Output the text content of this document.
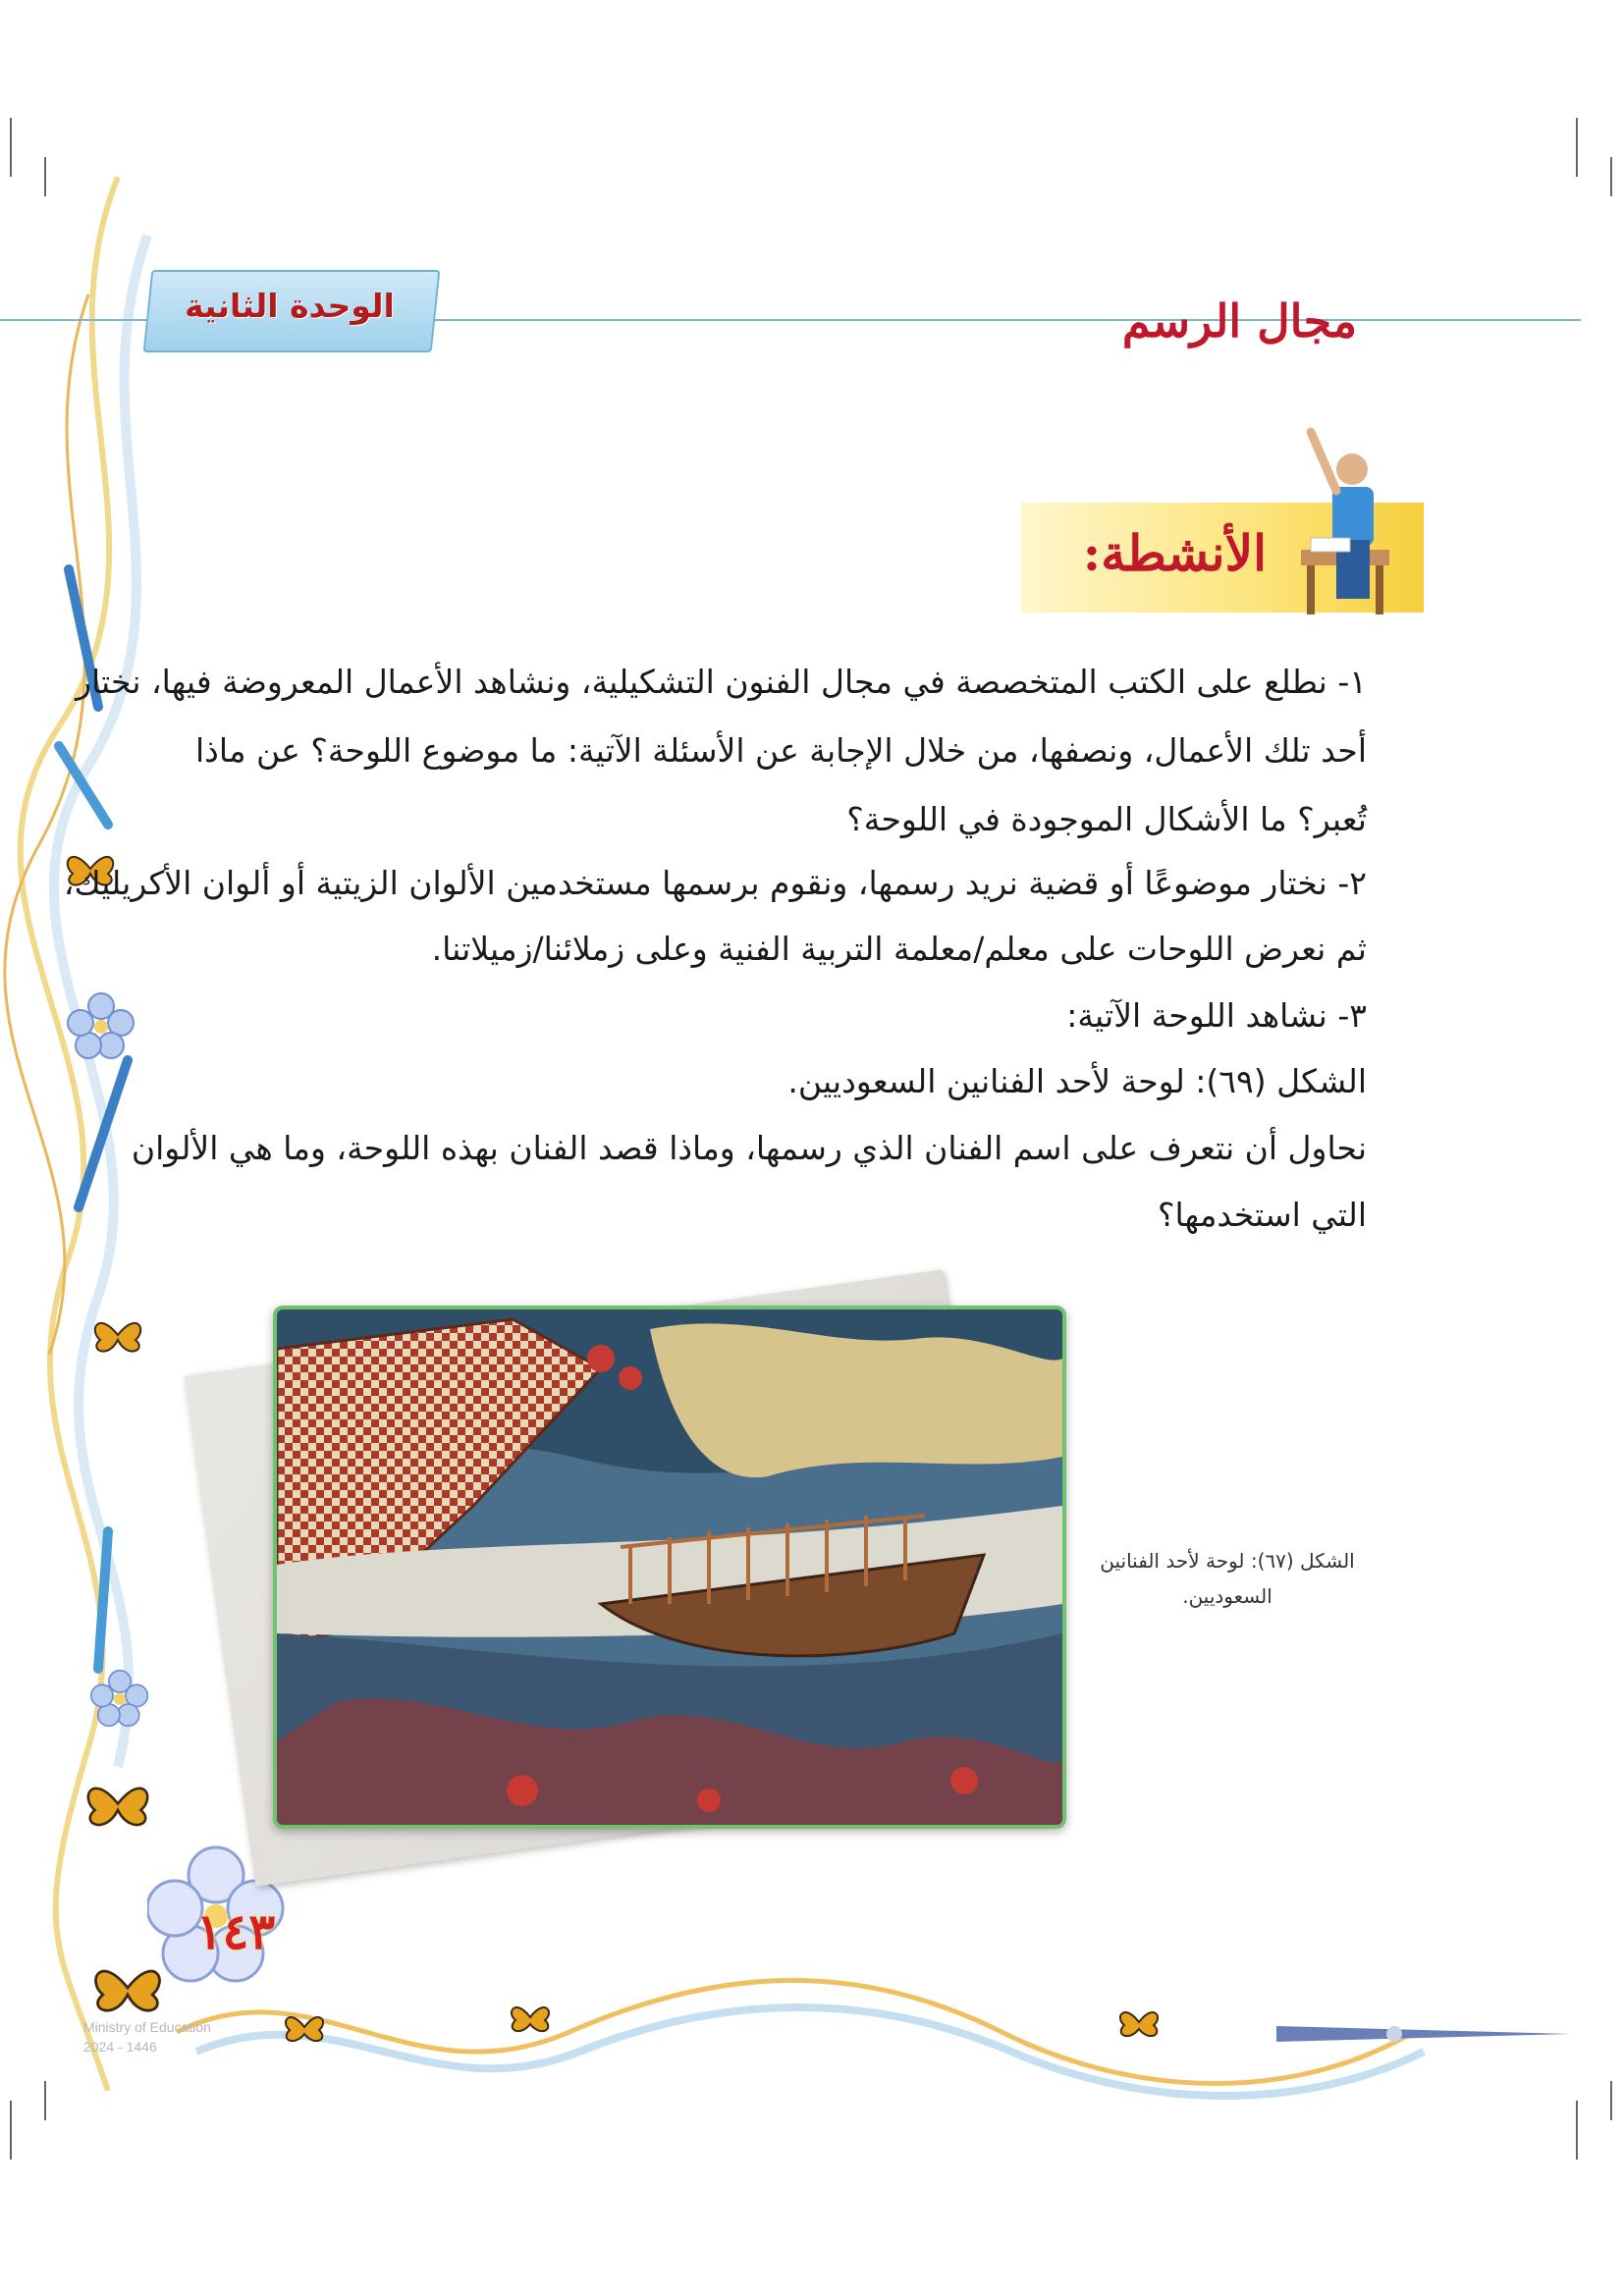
الوحدة الثانية	مجال الرسم
الأنشطة:
١- نطلع على الكتب المتخصصة في مجال الفنون التشكيلية، ونشاهد الأعمال المعروضة فيها، نختار
أحد تلك الأعمال، ونصفها، من خلال الإجابة عن الأسئلة الآتية: ما موضوع اللوحة؟ عن ماذا
تُعبر؟ ما الأشكال الموجودة في اللوحة؟
٢- نختار موضوعًا أو قضية نريد رسمها، ونقوم برسمها مستخدمين الألوان الزيتية أو ألوان الأكريليك،
ثم نعرض اللوحات على معلم/معلمة التربية الفنية وعلى زملائنا/زميلاتنا.
٣- نشاهد اللوحة الآتية:
الشكل (٦٩): لوحة لأحد الفنانين السعوديين.
نحاول أن نتعرف على اسم الفنان الذي رسمها، وماذا قصد الفنان بهذه اللوحة، وما هي الألوان
التي استخدمها؟
الشكل (٦٧): لوحة لأحد الفنانين
السعوديين.
١٤٣
Ministry of Education
2024 - 1446
